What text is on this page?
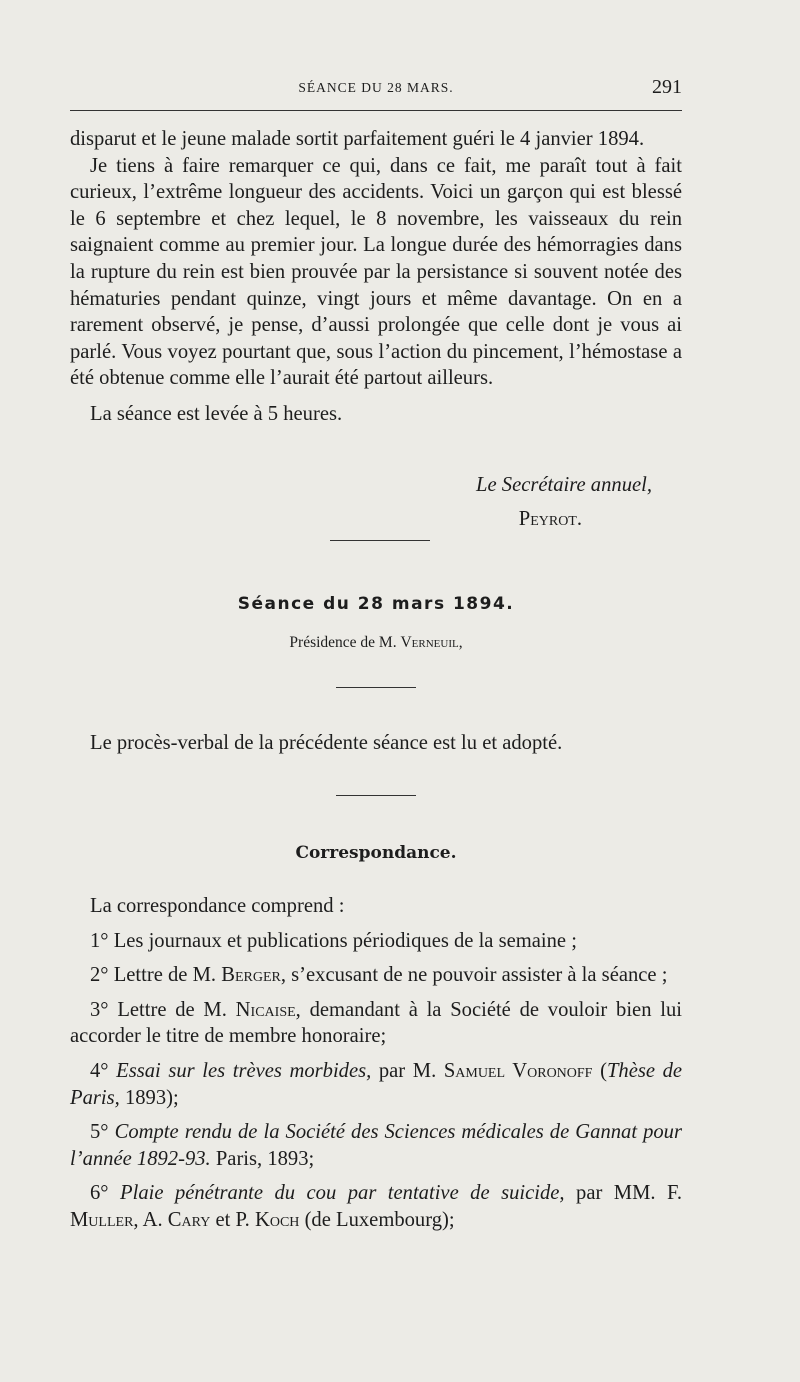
SÉANCE DU 28 MARS.	291

disparut et le jeune malade sortit parfaitement guéri le 4 janvier 1894.

Je tiens à faire remarquer ce qui, dans ce fait, me paraît tout à fait curieux, l’extrême longueur des accidents. Voici un garçon qui est blessé le 6 septembre et chez lequel, le 8 novembre, les vaisseaux du rein saignaient comme au premier jour. La longue durée des hémorragies dans la rupture du rein est bien prouvée par la persistance si souvent notée des hématuries pendant quinze, vingt jours et même davantage. On en a rarement observé, je pense, d’aussi prolongée que celle dont je vous ai parlé. Vous voyez pourtant que, sous l’action du pincement, l’hémostase a été obtenue comme elle l’aurait été partout ailleurs.

La séance est levée à 5 heures.

Le Secrétaire annuel,
Peyrot.
Séance du 28 mars 1894.
Présidence de M. Verneuil,
Le procès-verbal de la précédente séance est lu et adopté.
Correspondance.

La correspondance comprend :

1° Les journaux et publications périodiques de la semaine ;

2° Lettre de M. Berger, s’excusant de ne pouvoir assister à la séance ;

3° Lettre de M. Nicaise, demandant à la Société de vouloir bien lui accorder le titre de membre honoraire;

4° Essai sur les trèves morbides, par M. Samuel Voronoff (Thèse de Paris, 1893);

5° Compte rendu de la Société des Sciences médicales de Gannat pour l’année 1892-93. Paris, 1893;

6° Plaie pénétrante du cou par tentative de suicide, par MM. F. Muller, A. Cary et P. Koch (de Luxembourg);
